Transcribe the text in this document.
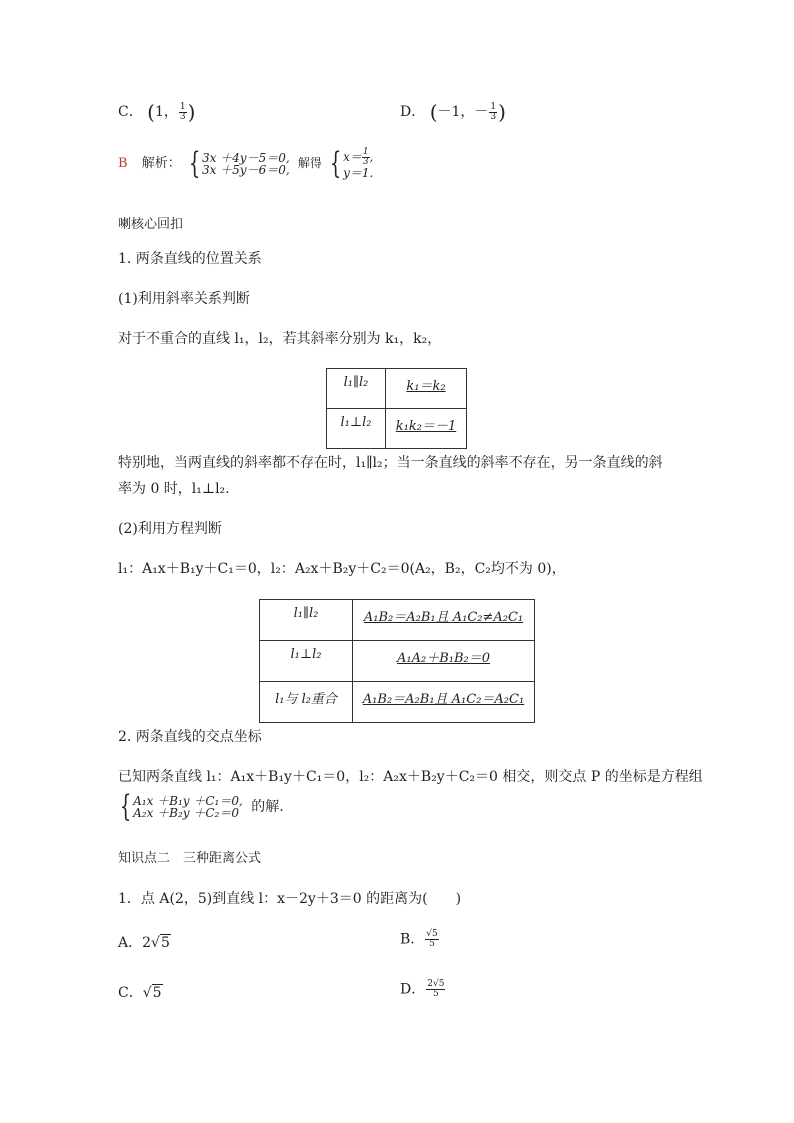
C． (1， $\frac{1}{3}$ )	D． (－1，－ $\frac{1}{3}$ )
B 解析： { 3x ＋4y－5＝0,
3x ＋5y－6＝0, 解得 { $x= \frac{1}{3}$ ,
y＝1.
喇核心回扣
1. 两条直线的位置关系
(1)利用斜率关系判断
对于不重合的直线 l₁，l₂，若其斜率分别为 k₁，k₂，
l₁∥l₂	k₁＝k₂
l₁⊥l₂	k₁k₂＝－1
特别地，当两直线的斜率都不存在时，l₁∥l₂；当一条直线的斜率不存在，另一条直线的斜
率为 0 时，l₁⊥l₂.
(2)利用方程判断
l₁：A₁x＋B₁y＋C₁＝0，l₂：A₂x＋B₂y＋C₂＝0(A₂，B₂，C₂均不为 0)，
l₁∥l₂	A₁B₂＝A₂B₁且 A₁C₂≠A₂C₁
l₁⊥l₂	A₁A₂＋B₁B₂＝0
l₁与 l₂重合	A₁B₂＝A₂B₁且 A₁C₂＝A₂C₁
2. 两条直线的交点坐标
已知两条直线 l₁：A₁x＋B₁y＋C₁＝0，l₂：A₂x＋B₂y＋C₂＝0 相交，则交点 P 的坐标是方程组
{ A₁x ＋B₁y ＋C₁＝0,
A₂x ＋B₂y ＋C₂＝0 的解.
知识点二　三种距离公式
1．点 A(2，5)到直线 l：x－2y＋3＝0 的距离为(　　)
A．2√5	B． $\frac{√5}{5}$
C．√5	D． $\frac{2√5}{5}$
